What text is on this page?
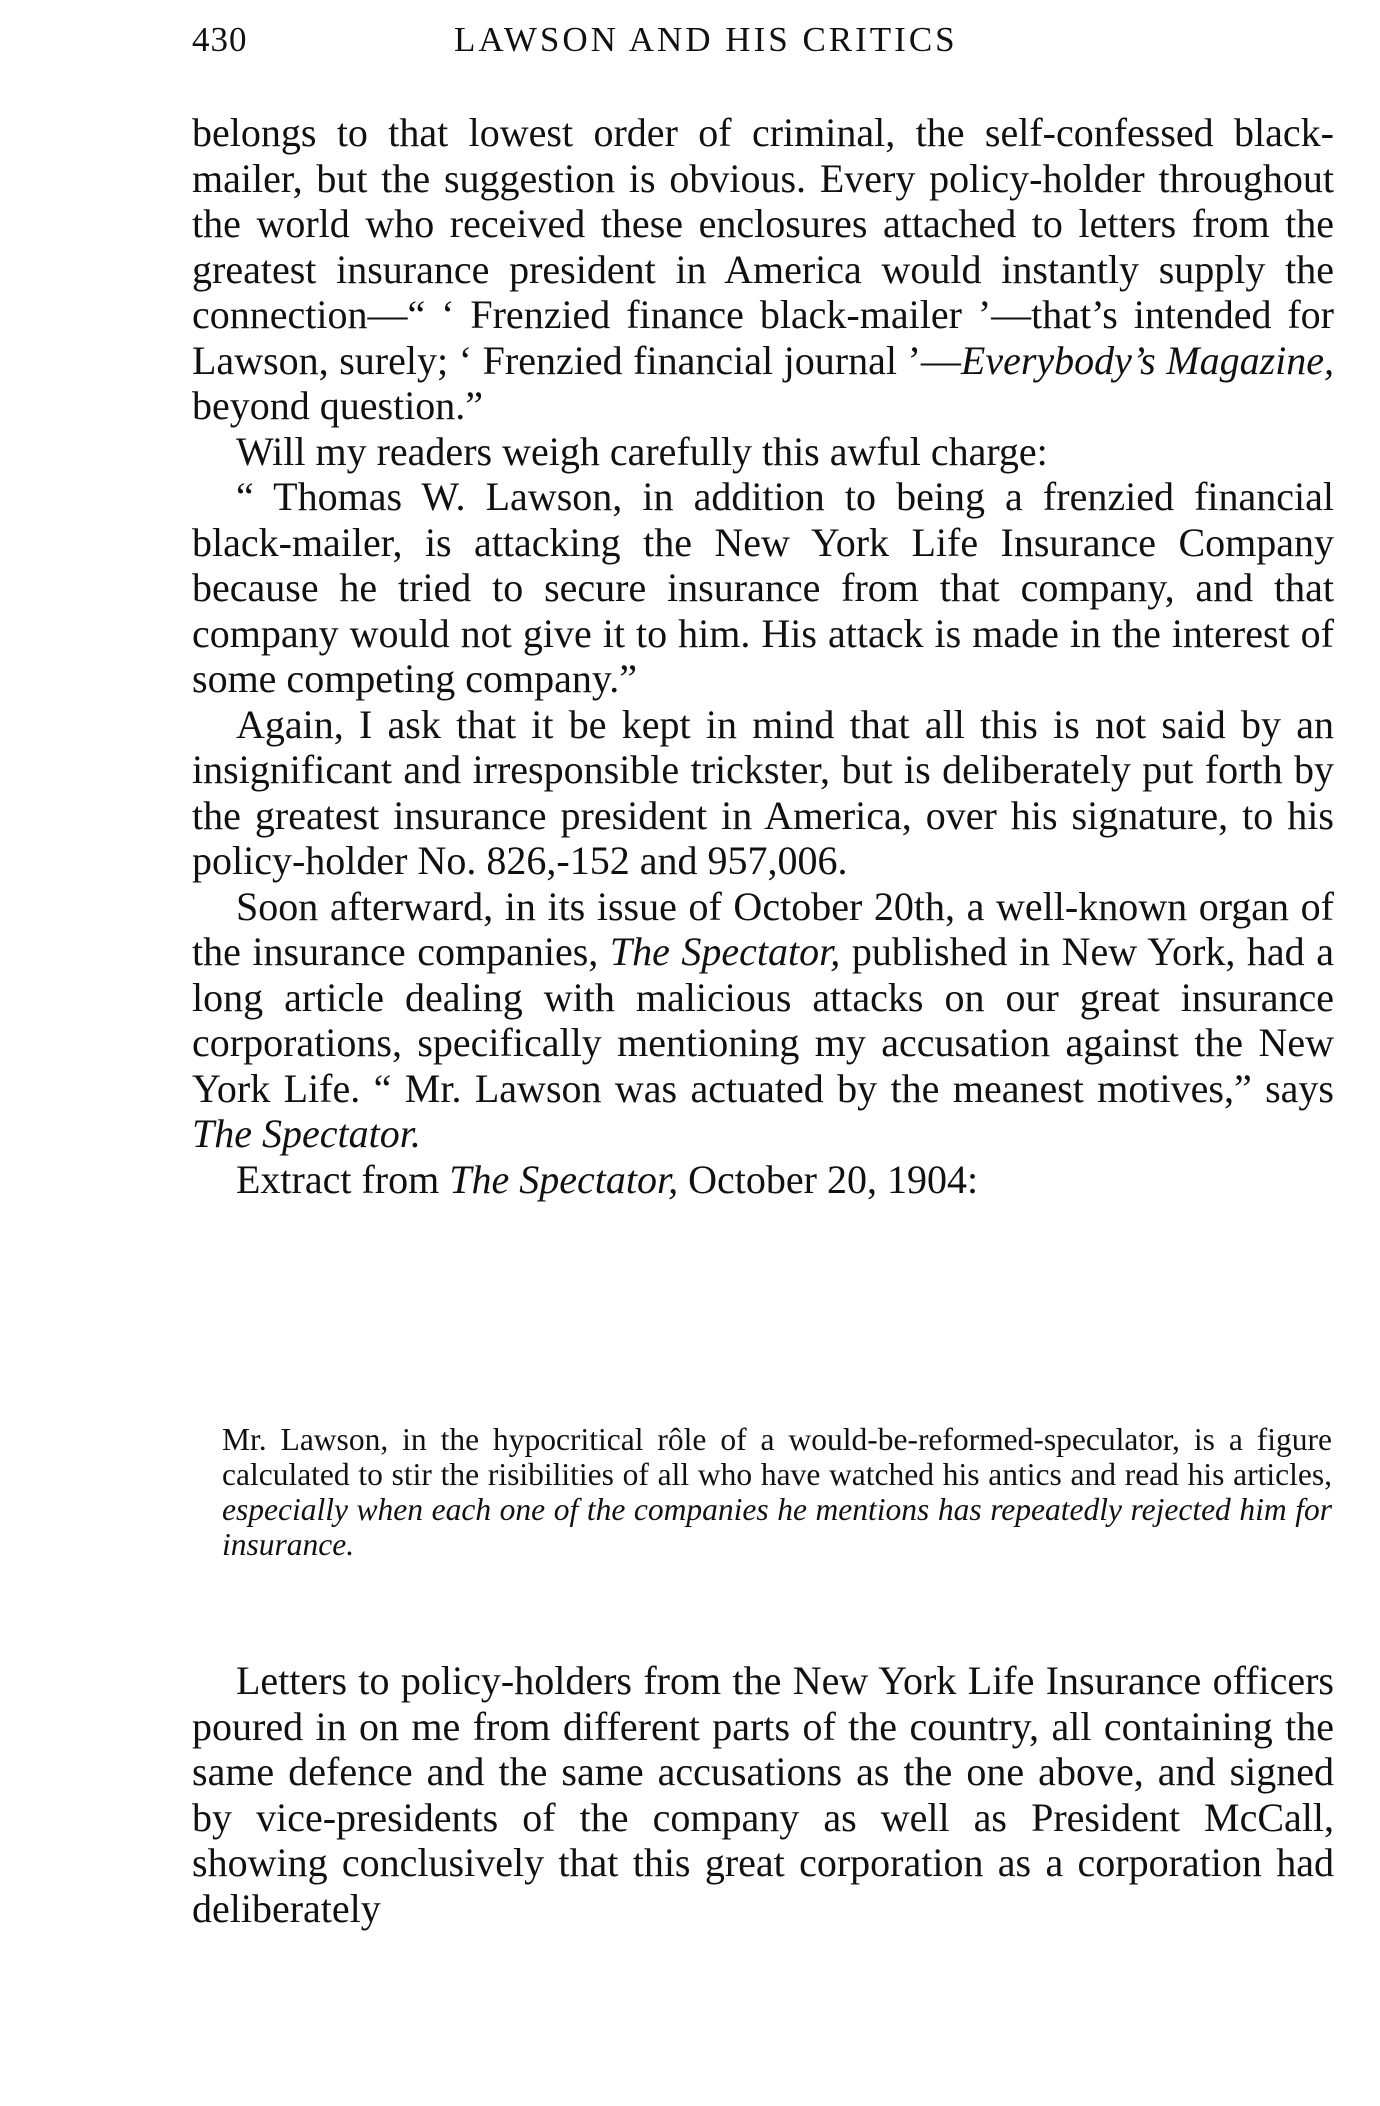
430	LAWSON AND HIS CRITICS

belongs to that lowest order of criminal, the self-confessed black-mailer, but the suggestion is obvious. Every policy-holder throughout the world who received these enclosures attached to letters from the greatest insurance president in America would instantly supply the connection—“ ‘ Frenzied finance black-mailer ’—that’s intended for Lawson, surely; ‘ Frenzied financial journal ’—Everybody’s Magazine, beyond question.”

Will my readers weigh carefully this awful charge:

“ Thomas W. Lawson, in addition to being a frenzied financial black-mailer, is attacking the New York Life Insurance Company because he tried to secure insurance from that company, and that company would not give it to him. His attack is made in the interest of some competing company.”

Again, I ask that it be kept in mind that all this is not said by an insignificant and irresponsible trickster, but is deliberately put forth by the greatest insurance president in America, over his signature, to his policy-holder No. 826,-152 and 957,006.

Soon afterward, in its issue of October 20th, a well-known organ of the insurance companies, The Spectator, published in New York, had a long article dealing with malicious attacks on our great insurance corporations, specifically mentioning my accusation against the New York Life. “ Mr. Lawson was actuated by the meanest motives,” says The Spectator.

Extract from The Spectator, October 20, 1904:

Mr. Lawson, in the hypocritical rôle of a would-be-reformed-speculator, is a figure calculated to stir the risibilities of all who have watched his antics and read his articles, especially when each one of the companies he mentions has repeatedly rejected him for insurance.

Letters to policy-holders from the New York Life Insurance officers poured in on me from different parts of the country, all containing the same defence and the same accusations as the one above, and signed by vice-presidents of the company as well as President McCall, showing conclusively that this great corporation as a corporation had deliberately
